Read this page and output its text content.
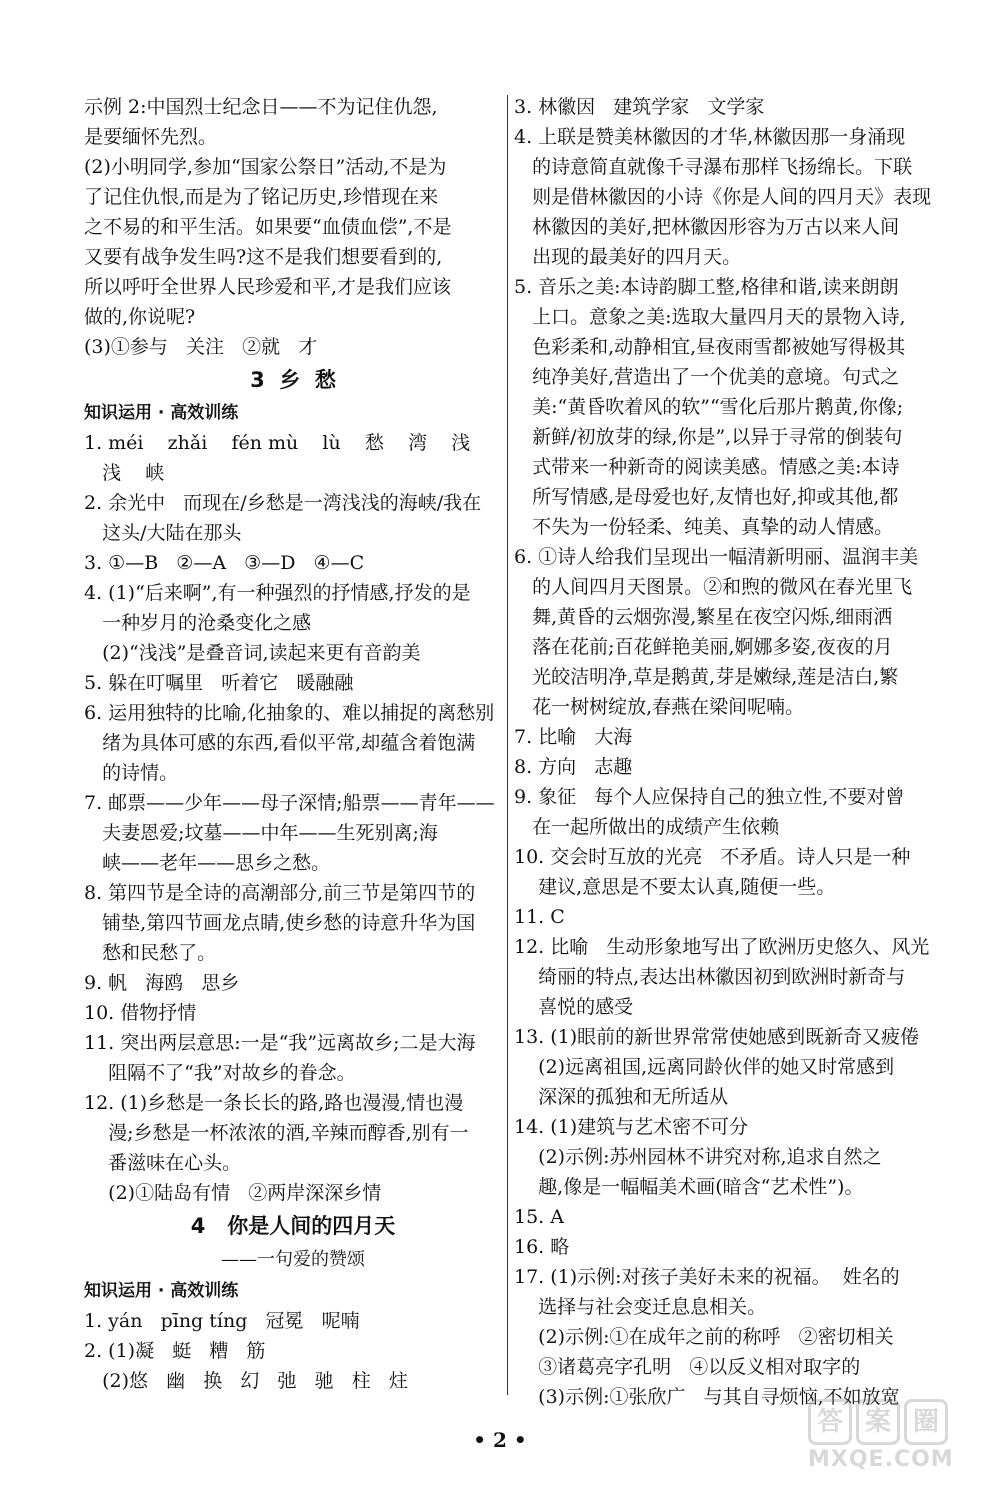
示例 2:中国烈士纪念日——不为记住仇怨,
是要缅怀先烈。
(2)小明同学,参加“国家公祭日”活动,不是为
了记住仇恨,而是为了铭记历史,珍惜现在来
之不易的和平生活。如果要“血债血偿”,不是
又要有战争发生吗?这不是我们想要看到的,
所以呼吁全世界人民珍爱和平,才是我们应该
做的,你说呢?
(3)①参与   关注   ②就   才
3  乡  愁
知识运用 · 高效训练
1. méi    zhǎi    fén mù    lù    愁    湾    浅
浅    峡
2. 余光中   而现在/乡愁是一湾浅浅的海峡/我在
这头/大陆在那头
3. ①—B   ②—A   ③—D   ④—C
4. (1)“后来啊”,有一种强烈的抒情感,抒发的是
一种岁月的沧桑变化之感
(2)“浅浅”是叠音词,读起来更有音韵美
5. 躲在叮嘱里   听着它   暖融融
6. 运用独特的比喻,化抽象的、难以捕捉的离愁别
绪为具体可感的东西,看似平常,却蕴含着饱满
的诗情。
7. 邮票——少年——母子深情;船票——青年——
夫妻恩爱;坟墓——中年——生死别离;海
峡——老年——思乡之愁。
8. 第四节是全诗的高潮部分,前三节是第四节的
铺垫,第四节画龙点睛,使乡愁的诗意升华为国
愁和民愁了。
9. 帆   海鸥   思乡
10. 借物抒情
11. 突出两层意思:一是“我”远离故乡;二是大海
阻隔不了“我”对故乡的眷念。
12. (1)乡愁是一条长长的路,路也漫漫,情也漫
漫;乡愁是一杯浓浓的酒,辛辣而醇香,别有一
番滋味在心头。
(2)①陆岛有情   ②两岸深深乡情
4   你是人间的四月天
——一句爱的赞颂
知识运用 · 高效训练
1. yán   pīng tíng   冠冕   呢喃
2. (1)凝   蜓   糟   筋
(2)悠   幽   换   幻   弛   驰   柱   炷
3. 林徽因   建筑学家   文学家
4. 上联是赞美林徽因的才华,林徽因那一身涌现
的诗意简直就像千寻瀑布那样飞扬绵长。下联
则是借林徽因的小诗《你是人间的四月天》表现
林徽因的美好,把林徽因形容为万古以来人间
出现的最美好的四月天。
5. 音乐之美:本诗韵脚工整,格律和谐,读来朗朗
上口。意象之美:选取大量四月天的景物入诗,
色彩柔和,动静相宜,昼夜雨雪都被她写得极其
纯净美好,营造出了一个优美的意境。句式之
美:“黄昏吹着风的软”“雪化后那片鹅黄,你像;
新鲜/初放芽的绿,你是”,以异于寻常的倒装句
式带来一种新奇的阅读美感。情感之美:本诗
所写情感,是母爱也好,友情也好,抑或其他,都
不失为一份轻柔、纯美、真挚的动人情感。
6. ①诗人给我们呈现出一幅清新明丽、温润丰美
的人间四月天图景。②和煦的微风在春光里飞
舞,黄昏的云烟弥漫,繁星在夜空闪烁,细雨洒
落在花前;百花鲜艳美丽,婀娜多姿,夜夜的月
光皎洁明净,草是鹅黄,芽是嫩绿,莲是洁白,繁
花一树树绽放,春燕在梁间呢喃。
7. 比喻   大海
8. 方向   志趣
9. 象征   每个人应保持自己的独立性,不要对曾
在一起所做出的成绩产生依赖
10. 交会时互放的光亮   不矛盾。诗人只是一种
建议,意思是不要太认真,随便一些。
11. C
12. 比喻   生动形象地写出了欧洲历史悠久、风光
绮丽的特点,表达出林徽因初到欧洲时新奇与
喜悦的感受
13. (1)眼前的新世界常常使她感到既新奇又疲倦
(2)远离祖国,远离同龄伙伴的她又时常感到
深深的孤独和无所适从
14. (1)建筑与艺术密不可分
(2)示例:苏州园林不讲究对称,追求自然之
趣,像是一幅幅美术画(暗含“艺术性”)。
15. A
16. 略
17. (1)示例:对孩子美好未来的祝福。  姓名的
选择与社会变迁息息相关。
(2)示例:①在成年之前的称呼   ②密切相关
③诸葛亮字孔明   ④以反义相对取字的
(3)示例:①张欣广   与其自寻烦恼,不如放宽
• 2 •
答 案 圈
MXQE.COM
